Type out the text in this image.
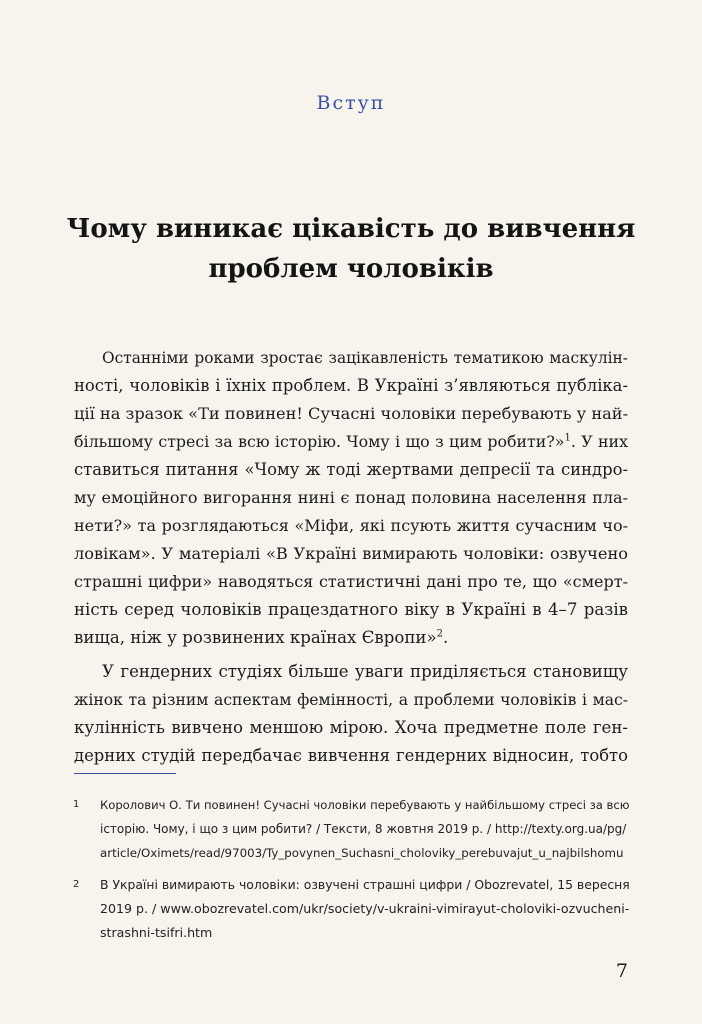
Вступ
Чому виникає цікавість до вивчення
проблем чоловіків
Останніми роками зростає зацікавленість тематикою маскулін-
ності, чоловіків і їхніх проблем. В Україні з’являються публіка-
ції на зразок «Ти повинен! Сучасні чоловіки перебувають у най-
більшому стресі за всю історію. Чому і що з цим робити?»$^1$. У них
ставиться питання «Чому ж тоді жертвами депресії та синдро-
му емоційного вигорання нині є понад половина населення пла-
нети?» та розглядаються «Міфи, які псують життя сучасним чо-
ловікам». У матеріалі «В Україні вимирають чоловіки: озвучено
страшні цифри» наводяться статистичні дані про те, що «смерт-
ність серед чоловіків працездатного віку в Україні в 4–7 разів
вища, ніж у розвинених країнах Європи»$^2$.
У гендерних студіях більше уваги приділяється становищу
жінок та різним аспектам фемінності, а проблеми чоловіків і мас-
кулінність вивчено меншою мірою. Хоча предметне поле ген-
дерних студій передбачає вивчення гендерних відносин, тобто
1 Королович О. Ти повинен! Сучасні чоловіки перебувають у найбільшому стресі за всю
історію. Чому, і що з цим робити? / Тексти, 8 жовтня 2019 р. / http://texty.org.ua/pg/
article/Oximets/read/97003/Ty_povynen_Suchasni_choloviky_perebuvajut_u_najbilshomu
2 В Україні вимирають чоловіки: озвучені страшні цифри / Obozrevatel, 15 вересня
2019 р. / www.obozrevatel.com/ukr/society/v-ukraini-vimirayut-choloviki-ozvucheni-
strashni-tsifri.htm
7
